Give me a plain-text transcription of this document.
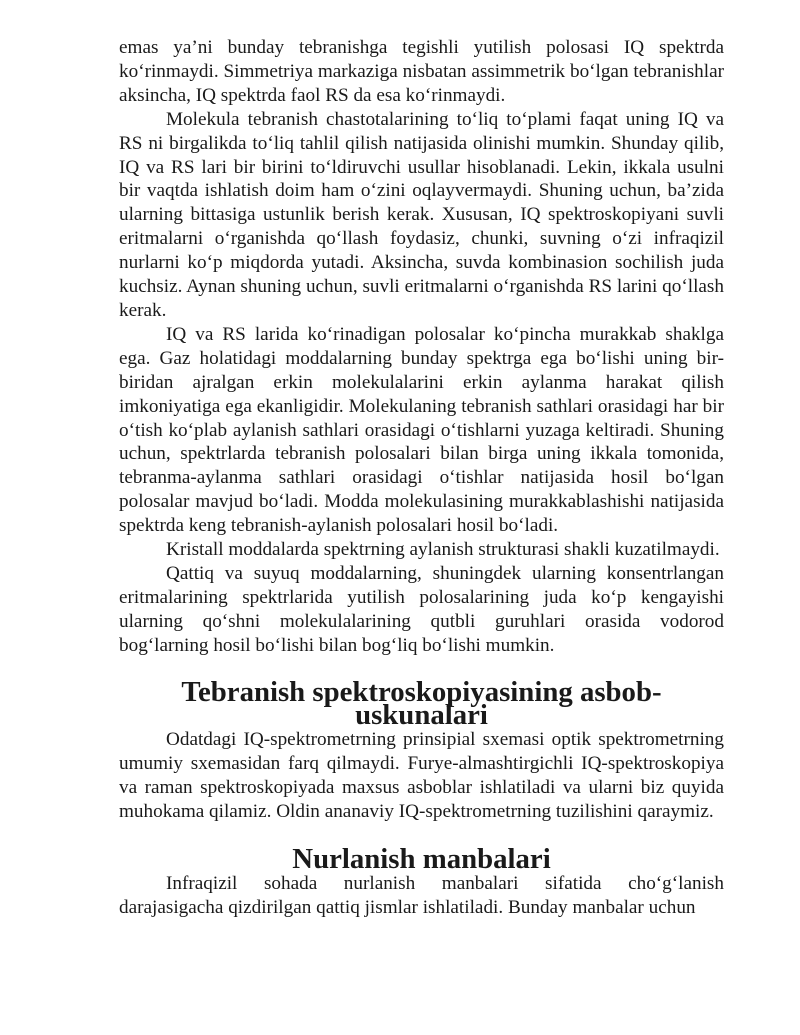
emas ya’ni bunday tebranishga tegishli yutilish polosasi IQ spektrda ko‘rinmaydi. Simmetriya markaziga nisbatan assimmetrik bo‘lgan tebranishlar aksincha, IQ spektrda faol RS da esa ko‘rinmaydi.

Molekula tebranish chastotalarining to‘liq to‘plami faqat uning IQ va RS ni birgalikda to‘liq tahlil qilish natijasida olinishi mumkin. Shunday qilib, IQ va RS lari bir birini to‘ldiruvchi usullar hisoblanadi. Lekin, ikkala usulni bir vaqtda ishlatish doim ham o‘zini oqlayvermaydi. Shuning uchun, ba’zida ularning bittasiga ustunlik berish kerak. Xususan, IQ spektroskopiyani suvli eritmalarni o‘rganishda qo‘llash foydasiz, chunki, suvning o‘zi infraqizil nurlarni ko‘p miqdorda yutadi. Aksincha, suvda kombinasion sochilish juda kuchsiz. Aynan shuning uchun, suvli eritmalarni o‘rganishda RS larini qo‘llash kerak.

IQ va RS larida ko‘rinadigan polosalar ko‘pincha murakkab shaklga ega. Gaz holatidagi moddalarning bunday spektrga ega bo‘lishi uning bir-biridan ajralgan erkin molekulalarini erkin aylanma harakat qilish imkoniyatiga ega ekanligidir. Molekulaning tebranish sathlari orasidagi har bir o‘tish ko‘plab aylanish sathlari orasidagi o‘tishlarni yuzaga keltiradi. Shuning uchun, spektrlarda tebranish polosalari bilan birga uning ikkala tomonida, tebranma-aylanma sathlari orasidagi o‘tishlar natijasida hosil bo‘lgan polosalar mavjud bo‘ladi. Modda molekulasining murakkablashishi natijasida spektrda keng tebranish-aylanish polosalari hosil bo‘ladi.

Kristall moddalarda spektrning aylanish strukturasi shakli kuzatilmaydi.

Qattiq va suyuq moddalarning, shuningdek ularning konsentrlangan eritmalarining spektrlarida yutilish polosalarining juda ko‘p kengayishi ularning qo‘shni molekulalarining qutbli guruhlari orasida vodorod bog‘larning hosil bo‘lishi bilan bog‘liq bo‘lishi mumkin.

Tebranish spektroskopiyasining asbob-uskunalari

Odatdagi IQ-spektrometrning prinsipial sxemasi optik spektrometrning umumiy sxemasidan farq qilmaydi. Furye-almashtirgichli IQ-spektroskopiya va raman spektroskopiyada maxsus asboblar ishlatiladi va ularni biz quyida muhokama qilamiz. Oldin ananaviy IQ-spektrometrning tuzilishini qaraymiz.

Nurlanish manbalari

Infraqizil sohada nurlanish manbalari sifatida cho‘g‘lanish darajasigacha qizdirilgan qattiq jismlar ishlatiladi. Bunday manbalar uchun
